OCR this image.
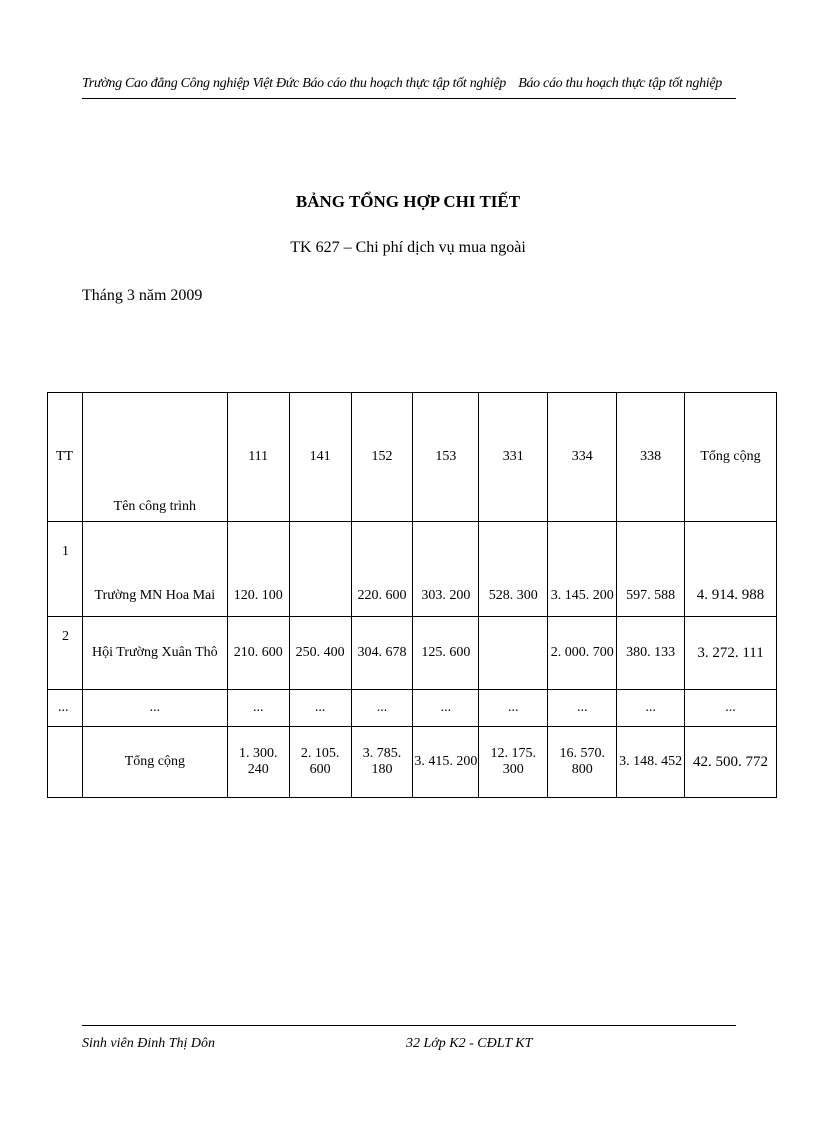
Trường Cao đẳng Công nghiệp Việt Đức Báo cáo thu hoạch thực tập tốt nghiệp Báo cáo thu hoạch thực tập tốt nghiệp
BẢNG TỔNG HỢP CHI TIẾT
TK 627 – Chi phí dịch vụ mua ngoài
Tháng 3 năm 2009
TT	Tên công trình	111	141	152	153	331	334	338	Tổng cộng
1	Trường MN Hoa Mai	120. 100		220. 600	303. 200	528. 300	3. 145. 200	597. 588	4. 914. 988
2	Hội Trường Xuân Thô	210. 600	250. 400	304. 678	125. 600		2. 000. 700	380. 133	3. 272. 111
...	...	...	...	...	...	...	...	...	...
	Tổng cộng	1. 300. 240	2. 105. 600	3. 785. 180	3. 415. 200	12. 175. 300	16. 570. 800	3. 148. 452	42. 500. 772
Sinh viên Đinh Thị Dôn	32 Lớp K2 - CĐLT KT
